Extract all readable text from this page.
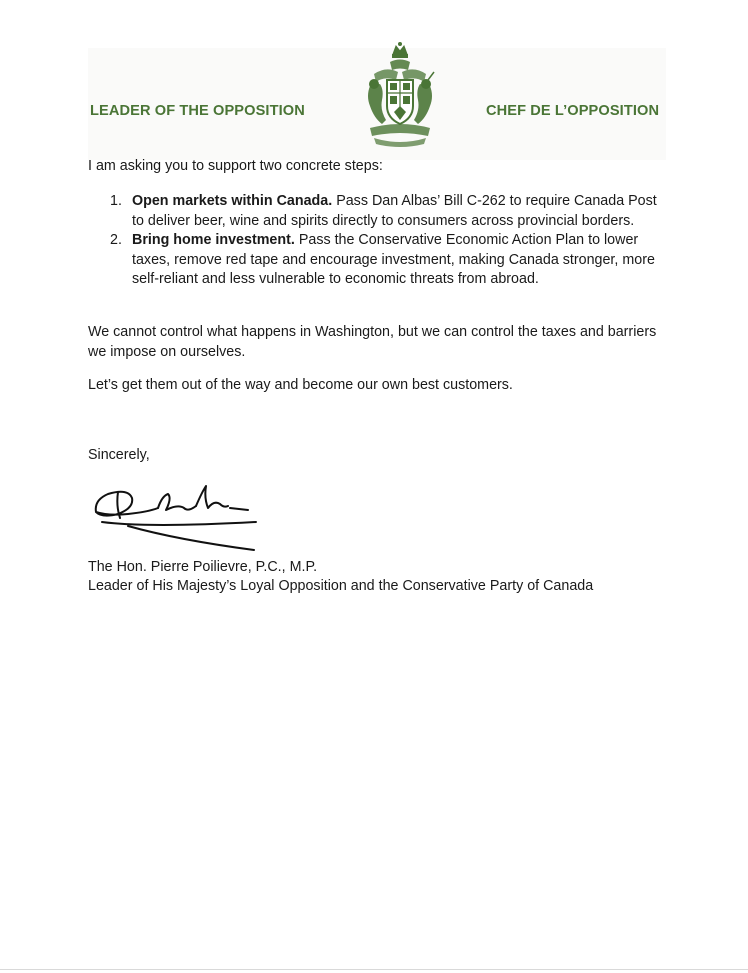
LEADER OF THE OPPOSITION	CHEF DE L’OPPOSITION
I am asking you to support two concrete steps:
1. Open markets within Canada. Pass Dan Albas’ Bill C-262 to require Canada Post to deliver beer, wine and spirits directly to consumers across provincial borders.
2. Bring home investment. Pass the Conservative Economic Action Plan to lower taxes, remove red tape and encourage investment, making Canada stronger, more self-reliant and less vulnerable to economic threats from abroad.
We cannot control what happens in Washington, but we can control the taxes and barriers we impose on ourselves.
Let’s get them out of the way and become our own best customers.
Sincerely,
The Hon. Pierre Poilievre, P.C., M.P.
Leader of His Majesty’s Loyal Opposition and the Conservative Party of Canada
